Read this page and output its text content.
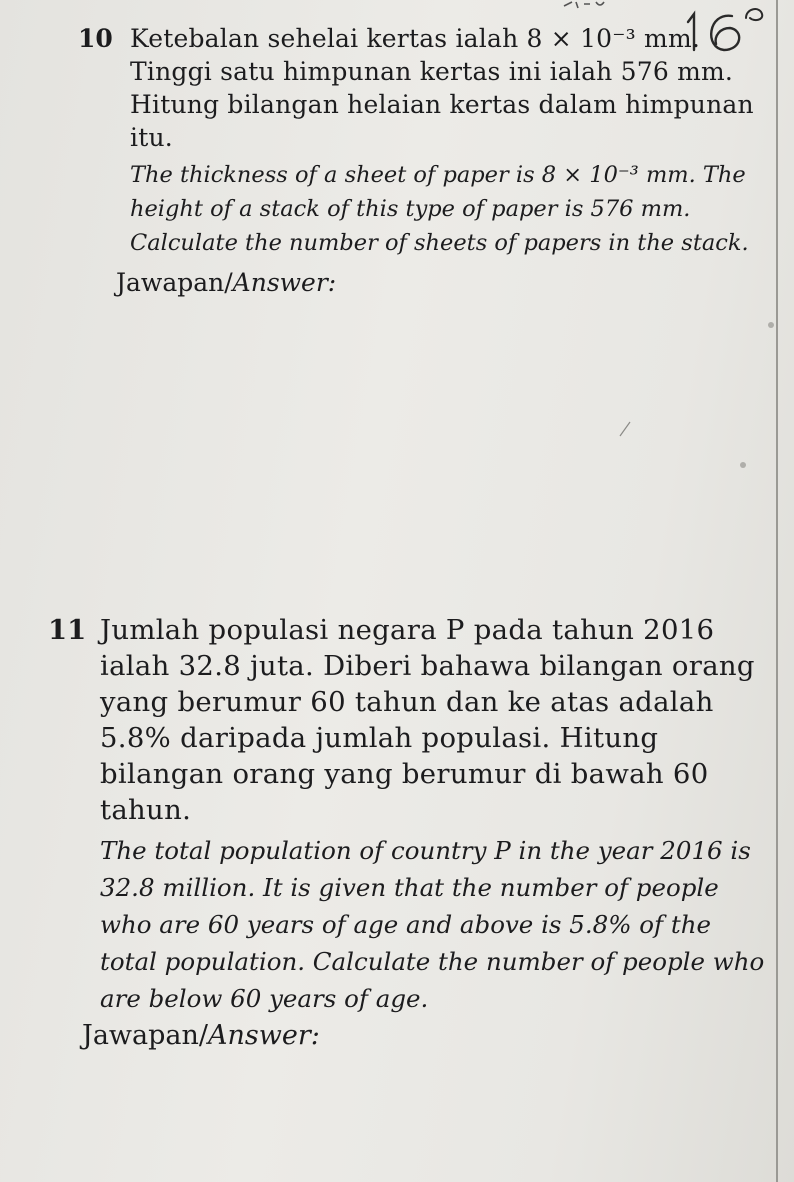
10 Ketebalan sehelai kertas ialah 8 × 10⁻³ mm. Tinggi satu himpunan kertas ini ialah 576 mm. Hitung bilangan helaian kertas dalam himpunan itu.
The thickness of a sheet of paper is 8 × 10⁻³ mm. The height of a stack of this type of paper is 576 mm. Calculate the number of sheets of papers in the stack.
Jawapan/Answer:
11 Jumlah populasi negara P pada tahun 2016 ialah 32.8 juta. Diberi bahawa bilangan orang yang berumur 60 tahun dan ke atas adalah 5.8% daripada jumlah populasi. Hitung bilangan orang yang berumur di bawah 60 tahun.
The total population of country P in the year 2016 is 32.8 million. It is given that the number of people who are 60 years of age and above is 5.8% of the total population. Calculate the number of people who are below 60 years of age.
Jawapan/Answer:
